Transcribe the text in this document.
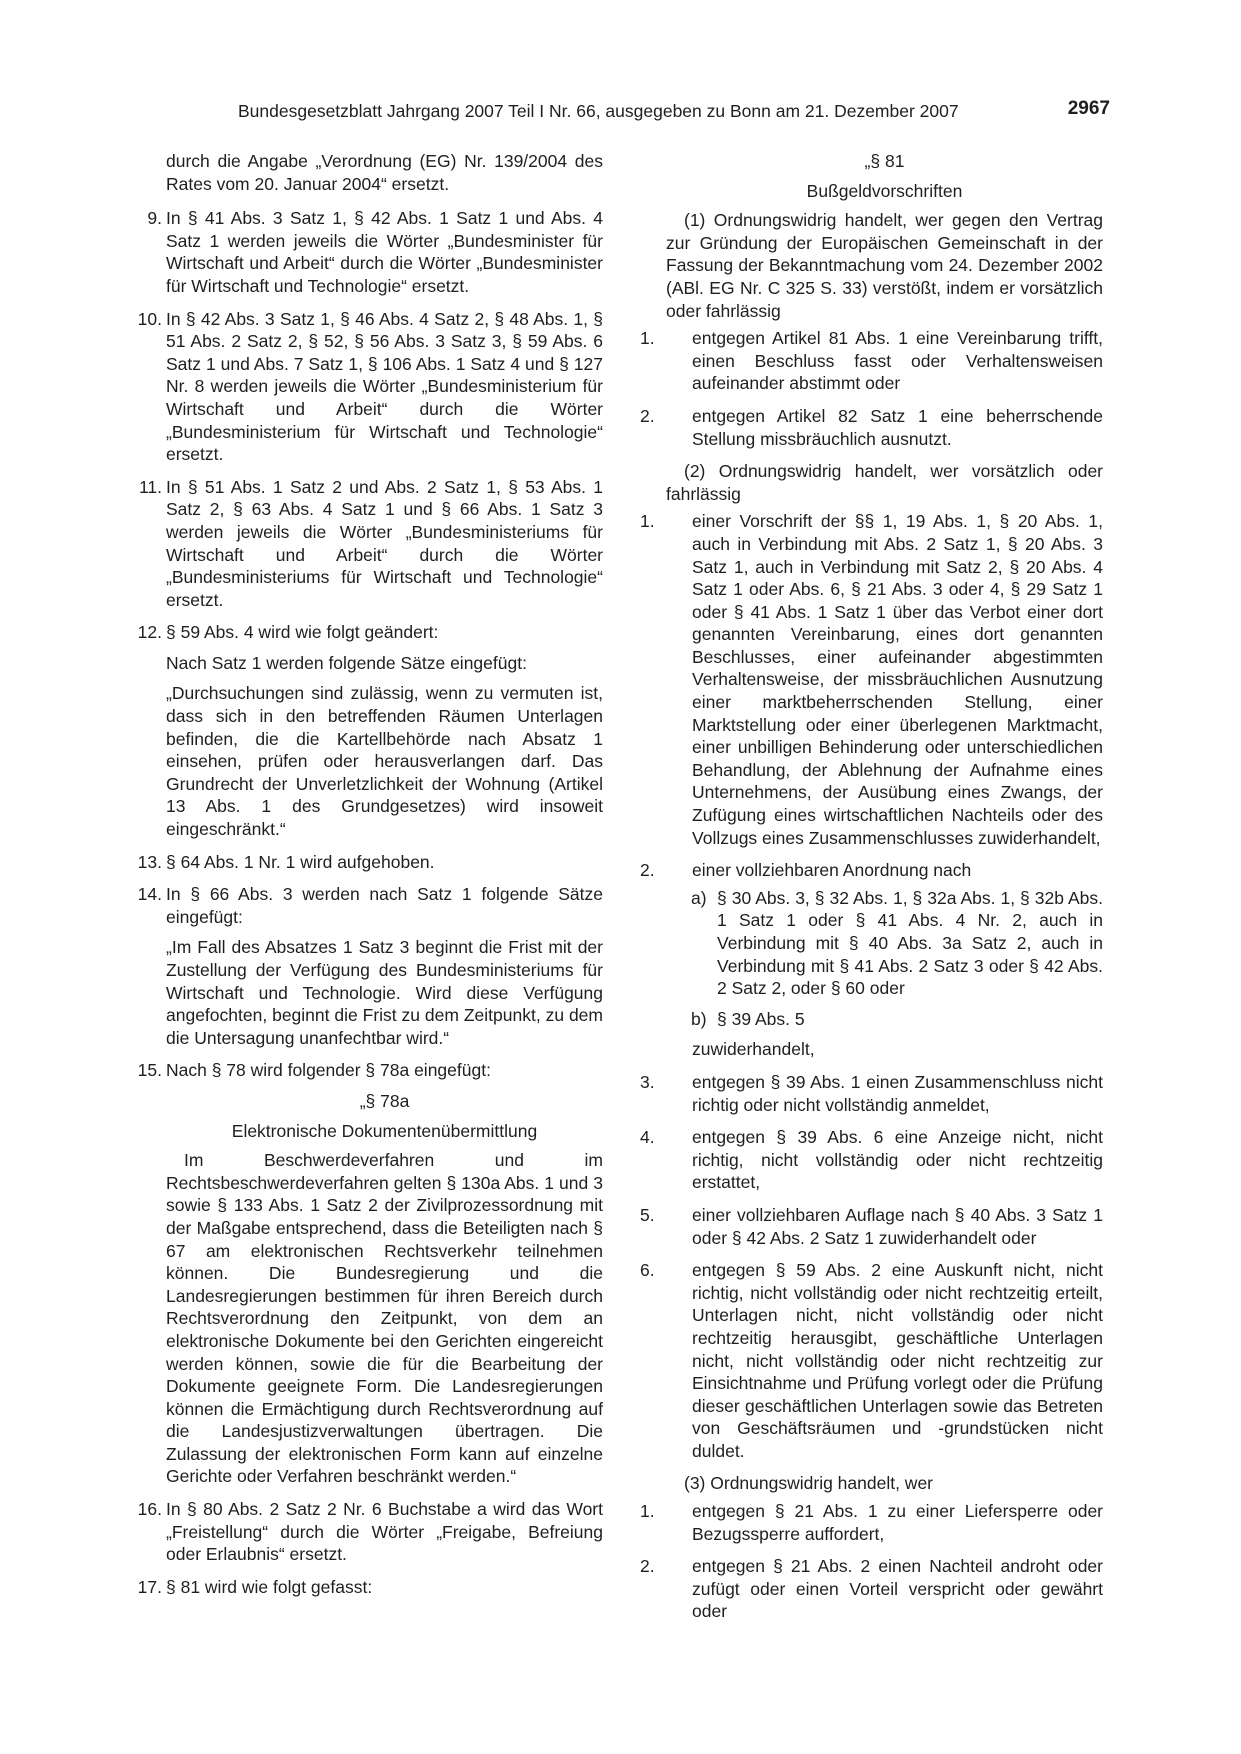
Bundesgesetzblatt Jahrgang 2007 Teil I Nr. 66, ausgegeben zu Bonn am 21. Dezember 2007	2967
durch die Angabe „Verordnung (EG) Nr. 139/2004 des Rates vom 20. Januar 2004“ ersetzt.
9. In § 41 Abs. 3 Satz 1, § 42 Abs. 1 Satz 1 und Abs. 4 Satz 1 werden jeweils die Wörter „Bundesminister für Wirtschaft und Arbeit“ durch die Wörter „Bundesminister für Wirtschaft und Technologie“ ersetzt.
10. In § 42 Abs. 3 Satz 1, § 46 Abs. 4 Satz 2, § 48 Abs. 1, § 51 Abs. 2 Satz 2, § 52, § 56 Abs. 3 Satz 3, § 59 Abs. 6 Satz 1 und Abs. 7 Satz 1, § 106 Abs. 1 Satz 4 und § 127 Nr. 8 werden jeweils die Wörter „Bundesministerium für Wirtschaft und Arbeit“ durch die Wörter „Bundesministerium für Wirtschaft und Technologie“ ersetzt.
11. In § 51 Abs. 1 Satz 2 und Abs. 2 Satz 1, § 53 Abs. 1 Satz 2, § 63 Abs. 4 Satz 1 und § 66 Abs. 1 Satz 3 werden jeweils die Wörter „Bundesministeriums für Wirtschaft und Arbeit“ durch die Wörter „Bundesministeriums für Wirtschaft und Technologie“ ersetzt.
12. § 59 Abs. 4 wird wie folgt geändert:
Nach Satz 1 werden folgende Sätze eingefügt:
„Durchsuchungen sind zulässig, wenn zu vermuten ist, dass sich in den betreffenden Räumen Unterlagen befinden, die die Kartellbehörde nach Absatz 1 einsehen, prüfen oder herausverlangen darf. Das Grundrecht der Unverletzlichkeit der Wohnung (Artikel 13 Abs. 1 des Grundgesetzes) wird insoweit eingeschränkt.“
13. § 64 Abs. 1 Nr. 1 wird aufgehoben.
14. In § 66 Abs. 3 werden nach Satz 1 folgende Sätze eingefügt:
„Im Fall des Absatzes 1 Satz 3 beginnt die Frist mit der Zustellung der Verfügung des Bundesministeriums für Wirtschaft und Technologie. Wird diese Verfügung angefochten, beginnt die Frist zu dem Zeitpunkt, zu dem die Untersagung unanfechtbar wird.“
15. Nach § 78 wird folgender § 78a eingefügt:
„§ 78a
Elektronische Dokumentenübermittlung
Im Beschwerdeverfahren und im Rechtsbeschwerdeverfahren gelten § 130a Abs. 1 und 3 sowie § 133 Abs. 1 Satz 2 der Zivilprozessordnung mit der Maßgabe entsprechend, dass die Beteiligten nach § 67 am elektronischen Rechtsverkehr teilnehmen können. Die Bundesregierung und die Landesregierungen bestimmen für ihren Bereich durch Rechtsverordnung den Zeitpunkt, von dem an elektronische Dokumente bei den Gerichten eingereicht werden können, sowie die für die Bearbeitung der Dokumente geeignete Form. Die Landesregierungen können die Ermächtigung durch Rechtsverordnung auf die Landesjustizverwaltungen übertragen. Die Zulassung der elektronischen Form kann auf einzelne Gerichte oder Verfahren beschränkt werden.“
16. In § 80 Abs. 2 Satz 2 Nr. 6 Buchstabe a wird das Wort „Freistellung“ durch die Wörter „Freigabe, Befreiung oder Erlaubnis“ ersetzt.
17. § 81 wird wie folgt gefasst:
„§ 81
Bußgeldvorschriften
(1) Ordnungswidrig handelt, wer gegen den Vertrag zur Gründung der Europäischen Gemeinschaft in der Fassung der Bekanntmachung vom 24. Dezember 2002 (ABl. EG Nr. C 325 S. 33) verstößt, indem er vorsätzlich oder fahrlässig
1.	entgegen Artikel 81 Abs. 1 eine Vereinbarung trifft, einen Beschluss fasst oder Verhaltensweisen aufeinander abstimmt oder
2.	entgegen Artikel 82 Satz 1 eine beherrschende Stellung missbräuchlich ausnutzt.
(2) Ordnungswidrig handelt, wer vorsätzlich oder fahrlässig
1.	einer Vorschrift der §§ 1, 19 Abs. 1, § 20 Abs. 1, auch in Verbindung mit Abs. 2 Satz 1, § 20 Abs. 3 Satz 1, auch in Verbindung mit Satz 2, § 20 Abs. 4 Satz 1 oder Abs. 6, § 21 Abs. 3 oder 4, § 29 Satz 1 oder § 41 Abs. 1 Satz 1 über das Verbot einer dort genannten Vereinbarung, eines dort genannten Beschlusses, einer aufeinander abgestimmten Verhaltensweise, der missbräuchlichen Ausnutzung einer marktbeherrschenden Stellung, einer Marktstellung oder einer überlegenen Marktmacht, einer unbilligen Behinderung oder unterschiedlichen Behandlung, der Ablehnung der Aufnahme eines Unternehmens, der Ausübung eines Zwangs, der Zufügung eines wirtschaftlichen Nachteils oder des Vollzugs eines Zusammenschlusses zuwiderhandelt,
2.	einer vollziehbaren Anordnung nach
a) § 30 Abs. 3, § 32 Abs. 1, § 32a Abs. 1, § 32b Abs. 1 Satz 1 oder § 41 Abs. 4 Nr. 2, auch in Verbindung mit § 40 Abs. 3a Satz 2, auch in Verbindung mit § 41 Abs. 2 Satz 3 oder § 42 Abs. 2 Satz 2, oder § 60 oder
b) § 39 Abs. 5
zuwiderhandelt,
3.	entgegen § 39 Abs. 1 einen Zusammenschluss nicht richtig oder nicht vollständig anmeldet,
4.	entgegen § 39 Abs. 6 eine Anzeige nicht, nicht richtig, nicht vollständig oder nicht rechtzeitig erstattet,
5.	einer vollziehbaren Auflage nach § 40 Abs. 3 Satz 1 oder § 42 Abs. 2 Satz 1 zuwiderhandelt oder
6.	entgegen § 59 Abs. 2 eine Auskunft nicht, nicht richtig, nicht vollständig oder nicht rechtzeitig erteilt, Unterlagen nicht, nicht vollständig oder nicht rechtzeitig herausgibt, geschäftliche Unterlagen nicht, nicht vollständig oder nicht rechtzeitig zur Einsichtnahme und Prüfung vorlegt oder die Prüfung dieser geschäftlichen Unterlagen sowie das Betreten von Geschäftsräumen und -grundstücken nicht duldet.
(3) Ordnungswidrig handelt, wer
1.	entgegen § 21 Abs. 1 zu einer Liefersperre oder Bezugssperre auffordert,
2.	entgegen § 21 Abs. 2 einen Nachteil androht oder zufügt oder einen Vorteil verspricht oder gewährt oder
